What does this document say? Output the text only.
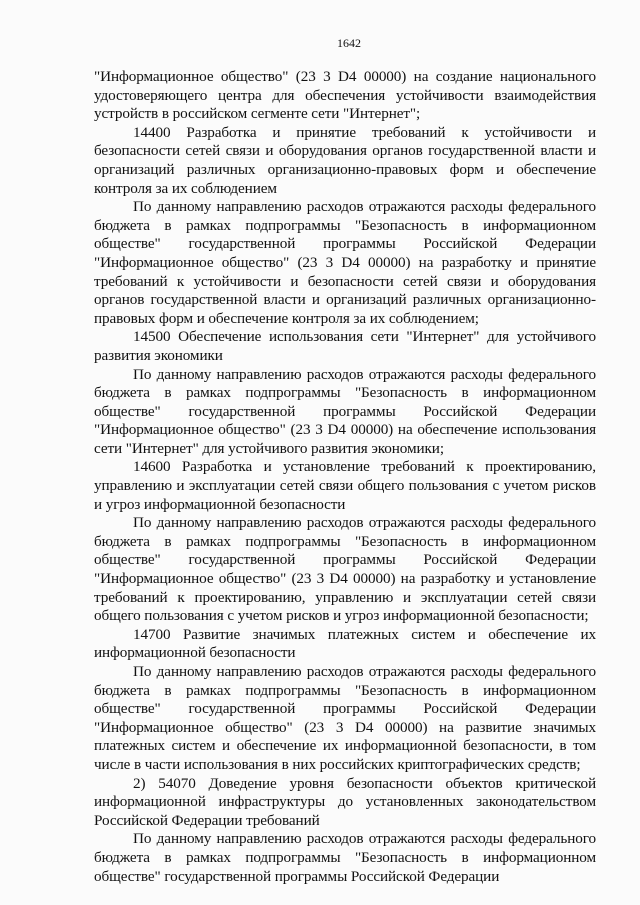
1642

"Информационное общество" (23 3 D4 00000) на создание национального удостоверяющего центра для обеспечения устойчивости взаимодействия устройств в российском сегменте сети "Интернет";

14400 Разработка и принятие требований к устойчивости и безопасности сетей связи и оборудования органов государственной власти и организаций различных организационно-правовых форм и обеспечение контроля за их соблюдением

По данному направлению расходов отражаются расходы федерального бюджета в рамках подпрограммы "Безопасность в информационном обществе" государственной программы Российской Федерации "Информационное общество" (23 3 D4 00000) на разработку и принятие требований к устойчивости и безопасности сетей связи и оборудования органов государственной власти и организаций различных организационно-правовых форм и обеспечение контроля за их соблюдением;

14500 Обеспечение использования сети "Интернет" для устойчивого развития экономики

По данному направлению расходов отражаются расходы федерального бюджета в рамках подпрограммы "Безопасность в информационном обществе" государственной программы Российской Федерации "Информационное общество" (23 3 D4 00000) на обеспечение использования сети "Интернет" для устойчивого развития экономики;

14600 Разработка и установление требований к проектированию, управлению и эксплуатации сетей связи общего пользования с учетом рисков и угроз информационной безопасности

По данному направлению расходов отражаются расходы федерального бюджета в рамках подпрограммы "Безопасность в информационном обществе" государственной программы Российской Федерации "Информационное общество" (23 3 D4 00000) на разработку и установление требований к проектированию, управлению и эксплуатации сетей связи общего пользования с учетом рисков и угроз информационной безопасности;

14700 Развитие значимых платежных систем и обеспечение их информационной безопасности

По данному направлению расходов отражаются расходы федерального бюджета в рамках подпрограммы "Безопасность в информационном обществе" государственной программы Российской Федерации "Информационное общество" (23 3 D4 00000) на развитие значимых платежных систем и обеспечение их информационной безопасности, в том числе в части использования в них российских криптографических средств;

2) 54070 Доведение уровня безопасности объектов критической информационной инфраструктуры до установленных законодательством Российской Федерации требований

По данному направлению расходов отражаются расходы федерального бюджета в рамках подпрограммы "Безопасность в информационном обществе" государственной программы Российской Федерации
